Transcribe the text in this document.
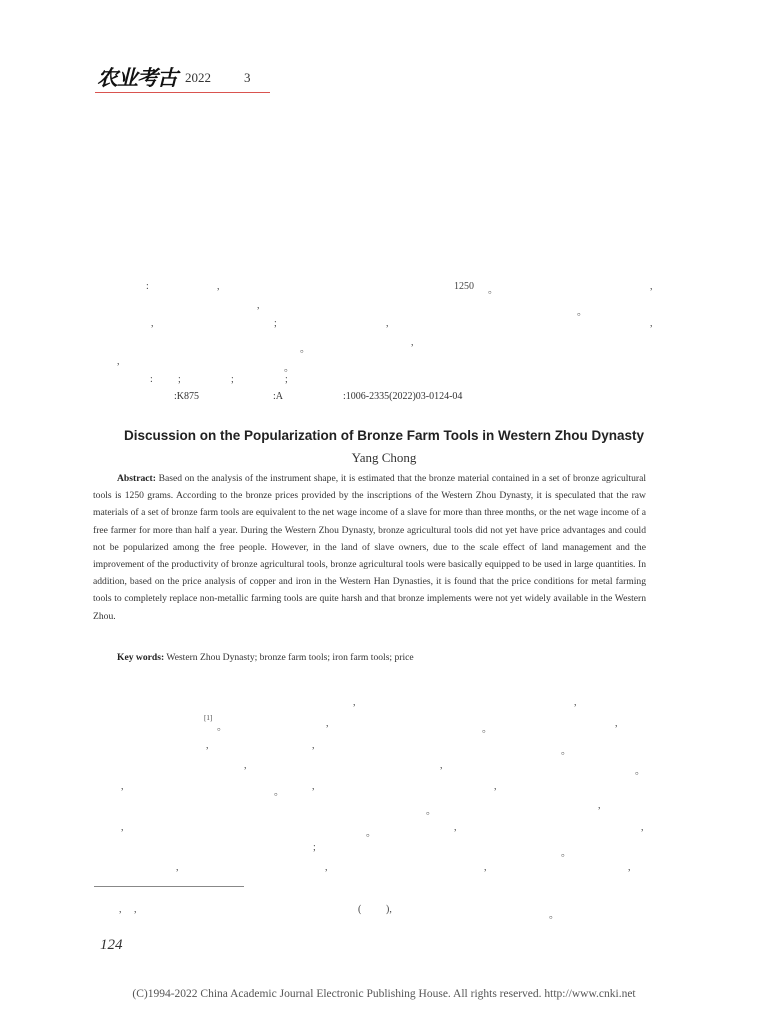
农业考古 2022	3
:	,	1250 。	,
,
。
,	;	,	,
。
,
,
。
:	;	;	;
:K875	:A	:1006-2335(2022)03-0124-04
Discussion on the Popularization of Bronze Farm Tools in Western Zhou Dynasty
Yang Chong

Abstract: Based on the analysis of the instrument shape, it is estimated that the bronze material contained in a set of bronze agricultural tools is 1250 grams. According to the bronze prices provided by the inscriptions of the Western Zhou Dynasty, it is speculated that the raw materials of a set of bronze farm tools are equivalent to the net wage income of a slave for more than three months, or the net wage income of a free farmer for more than half a year. During the Western Zhou Dynasty, bronze agricultural tools did not yet have price advantages and could not be popularized among the free people. However, in the land of slave owners, due to the scale effect of land management and the improvement of the productivity of bronze agricultural tools, bronze agricultural tools were basically equipped to be used in large quantities. In addition, based on the price analysis of copper and iron in the Western Han Dynasties, it is found that the price conditions for metal farming tools to completely replace non-metallic farming tools are quite harsh and that bronze implements were not yet widely available in the Western Zhou.

Key words: Western Zhou Dynasty; bronze farm tools; iron farm tools; price
,	,
[1]
。	,
。
,
,	,
。
,	,
。
,
。
,	,
。
,
,
。
,	,
;
。
,	,	,	,
, ,	( ),
。
124
(C)1994-2022 China Academic Journal Electronic Publishing House. All rights reserved. http://www.cnki.net
